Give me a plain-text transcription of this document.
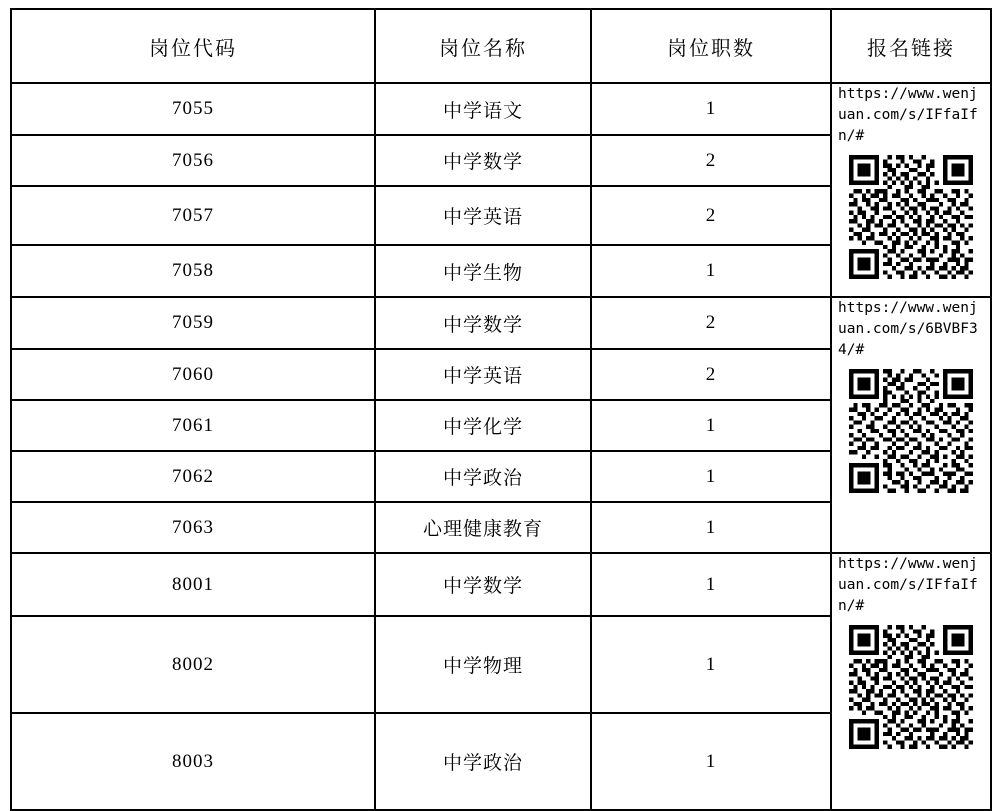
岗位代码	岗位名称	岗位职数	报名链接
7055	中学语文	1	https://www.wenjuan.com/s/IFfaIfn/#

7056	中学数学	2	
7057	中学英语	2	
7058	中学生物	1	
7059	中学数学	2	https://www.wenjuan.com/s/6BVBF34/#

7060	中学英语	2	
7061	中学化学	1	
7062	中学政治	1	
7063	心理健康教育	1	
8001	中学数学	1	https://www.wenjuan.com/s/IFfaIfn/#

8002	中学物理	1	
8003	中学政治	1	
